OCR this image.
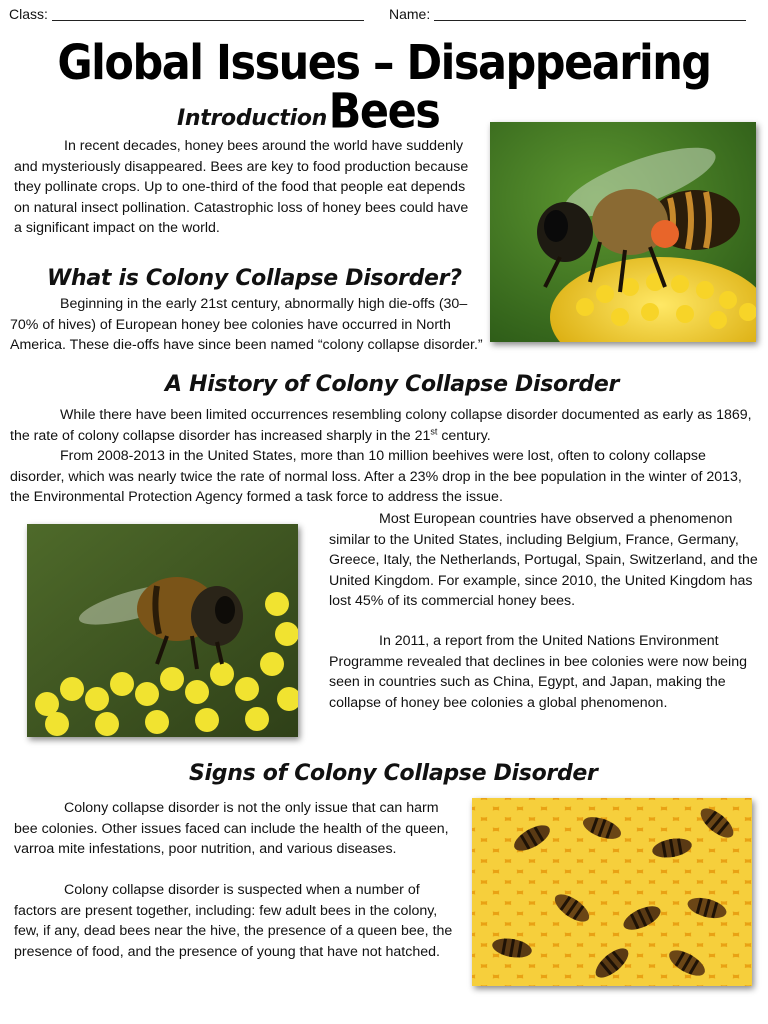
Class:	Name:
Global Issues – Disappearing Bees
Introduction

In recent decades, honey bees around the world have suddenly and mysteriously disappeared. Bees are key to food production because they pollinate crops. Up to one-third of the food that people eat depends on natural insect pollination. Catastrophic loss of honey bees could have a significant impact on the world.

What is Colony Collapse Disorder?

Beginning in the early 21st century, abnormally high die-offs (30–70% of hives) of European honey bee colonies have occurred in North America. These die-offs have since been named “colony collapse disorder.”

A History of Colony Collapse Disorder

While there have been limited occurrences resembling colony collapse disorder documented as early as 1869, the rate of colony collapse disorder has increased sharply in the 21st century.

From 2008-2013 in the United States, more than 10 million beehives were lost, often to colony collapse disorder, which was nearly twice the rate of normal loss. After a 23% drop in the bee population in the winter of 2013, the Environmental Protection Agency formed a task force to address the issue.

Most European countries have observed a phenomenon similar to the United States, including Belgium, France, Germany, Greece, Italy, the Netherlands, Portugal, Spain, Switzerland, and the United Kingdom. For example, since 2010, the United Kingdom has lost 45% of its commercial honey bees.

In 2011, a report from the United Nations Environment Programme revealed that declines in bee colonies were now being seen in countries such as China, Egypt, and Japan, making the collapse of honey bee colonies a global phenomenon.

Signs of Colony Collapse Disorder

Colony collapse disorder is not the only issue that can harm bee colonies. Other issues faced can include the health of the queen, varroa mite infestations, poor nutrition, and various diseases.

Colony collapse disorder is suspected when a number of factors are present together, including: few adult bees in the colony, few, if any, dead bees near the hive, the presence of a queen bee, the presence of food, and the presence of young that have not hatched.
